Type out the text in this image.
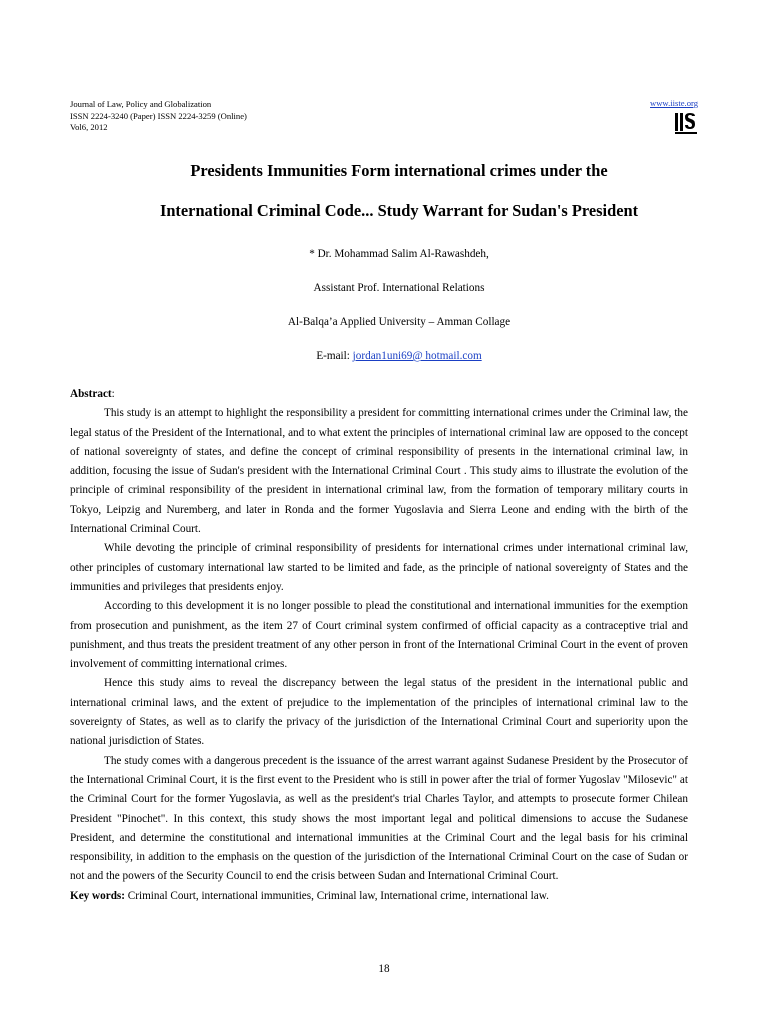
Journal of Law, Policy and Globalization
ISSN 2224-3240 (Paper) ISSN 2224-3259 (Online)
Vol6, 2012
www.iiste.org
Presidents Immunities Form international crimes under the
International Criminal Code... Study Warrant for Sudan's President
* Dr. Mohammad Salim Al-Rawashdeh,
Assistant Prof. International Relations
Al-Balqa’a Applied University – Amman Collage
E-mail: jordan1uni69@ hotmail.com
Abstract:

This study is an attempt to highlight the responsibility a president for committing international crimes under the Criminal law, the legal status of the President of the International, and to what extent the principles of international criminal law are opposed to the concept of national sovereignty of states, and define the concept of criminal responsibility of presents in the international criminal law, in addition, focusing the issue of Sudan's president with the International Criminal Court . This study aims to illustrate the evolution of the principle of criminal responsibility of the president in international criminal law, from the formation of temporary military courts in Tokyo, Leipzig and Nuremberg, and later in Ronda and the former Yugoslavia and Sierra Leone and ending with the birth of the International Criminal Court.

While devoting the principle of criminal responsibility of presidents for international crimes under international criminal law, other principles of customary international law started to be limited and fade, as the principle of national sovereignty of States and the immunities and privileges that presidents enjoy.

According to this development it is no longer possible to plead the constitutional and international immunities for the exemption from prosecution and punishment, as the item 27 of Court criminal system confirmed of official capacity as a contraceptive trial and punishment, and thus treats the president treatment of any other person in front of the International Criminal Court in the event of proven involvement of committing international crimes.

Hence this study aims to reveal the discrepancy between the legal status of the president in the international public and international criminal laws, and the extent of prejudice to the implementation of the principles of international criminal law to the sovereignty of States, as well as to clarify the privacy of the jurisdiction of the International Criminal Court and superiority upon the national jurisdiction of States.

The study comes with a dangerous precedent is the issuance of the arrest warrant against Sudanese President by the Prosecutor of the International Criminal Court, it is the first event to the President who is still in power after the trial of former Yugoslav "Milosevic" at the Criminal Court for the former Yugoslavia, as well as the president's trial Charles Taylor, and attempts to prosecute former Chilean President "Pinochet". In this context, this study shows the most important legal and political dimensions to accuse the Sudanese President, and determine the constitutional and international immunities at the Criminal Court and the legal basis for his criminal responsibility, in addition to the emphasis on the question of the jurisdiction of the International Criminal Court on the case of Sudan or not and the powers of the Security Council to end the crisis between Sudan and International Criminal Court.

Key words: Criminal Court, international immunities, Criminal law, International crime, international law.
18
